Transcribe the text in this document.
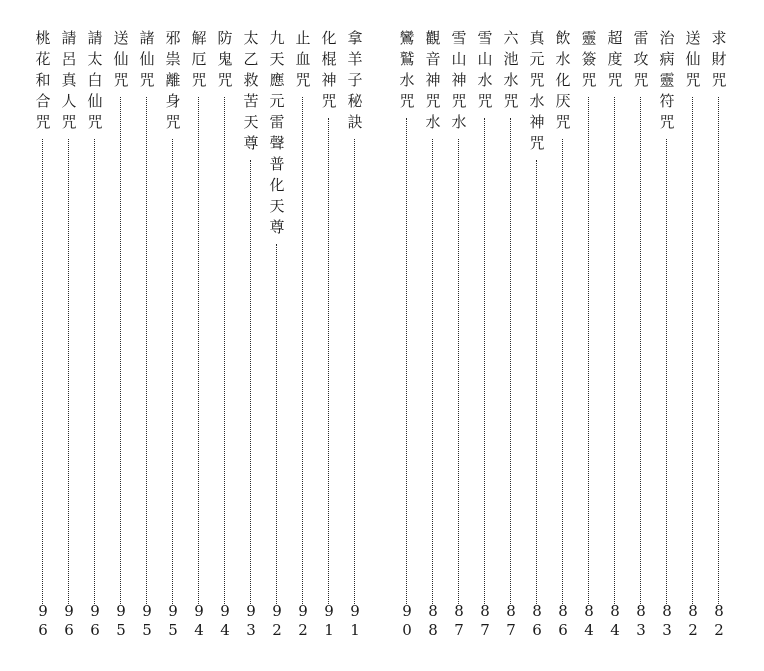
求
財
咒
8
2
送
仙
咒
8
2
治
病
靈
符
咒
8
3
雷
攻
咒
8
3
超
度
咒
8
4
靈
簽
咒
8
4
飲
水
化
厌
咒
8
6
真
元
咒
水
神
咒
8
6
六
池
水
咒
8
7
雪
山
水
咒
8
7
雪
山
神
咒
水
8
7
觀
音
神
咒
水
8
8
鸞
鷲
水
咒
9
0
拿
羊
子
秘
訣
9
1
化
棍
神
咒
9
1
止
血
咒
9
2
九
天
應
元
雷
聲
普
化
天
尊
9
2
太
乙
救
苦
天
尊
9
3
防
鬼
咒
9
4
解
厄
咒
9
4
邪
祟
離
身
咒
9
5
諸
仙
咒
9
5
送
仙
咒
9
5
請
太
白
仙
咒
9
6
請
呂
真
人
咒
9
6
桃
花
和
合
咒
9
6
